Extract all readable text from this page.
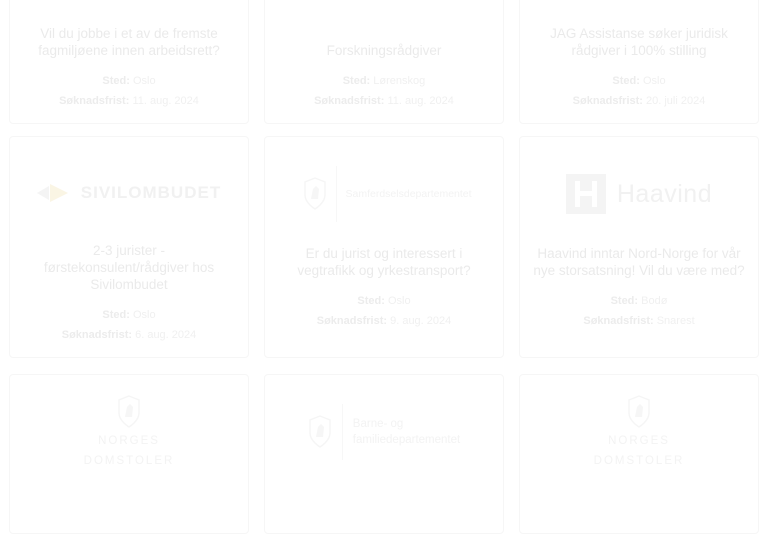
Vil du jobbe i et av de fremste fagmiljøene innen arbeidsrett?
Sted: Oslo
Søknadsfrist: 11. aug. 2024
Forskningsrådgiver
Sted: Lørenskog
Søknadsfrist: 11. aug. 2024
JAG Assistanse søker juridisk rådgiver i 100% stilling
Sted: Oslo
Søknadsfrist: 20. juli 2024
SIVILOMBUDET
2-3 jurister - førstekonsulent/rådgiver hos Sivilombudet
Sted: Oslo
Søknadsfrist: 6. aug. 2024
Samferdselsdepartementet
Er du jurist og interessert i vegtrafikk og yrkestransport?
Sted: Oslo
Søknadsfrist: 9. aug. 2024
Haavind
Haavind inntar Nord-Norge for vår nye storsatsning! Vil du være med?
Sted: Bodø
Søknadsfrist: Snarest
NORGES
DOMSTOLER
Barne- og
familiedepartementet	NORGES
DOMSTOLER
